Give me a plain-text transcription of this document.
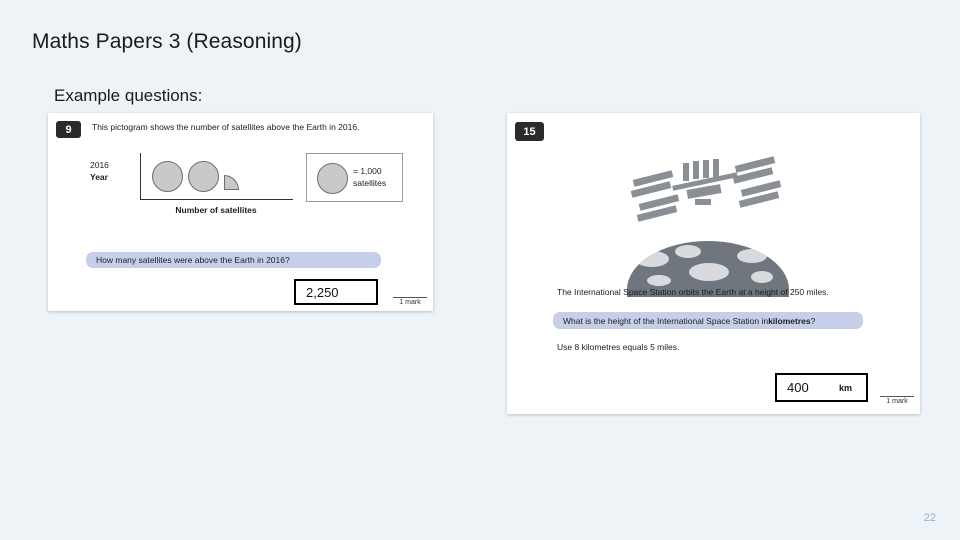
Maths Papers 3 (Reasoning)
Example questions:
9	This pictogram shows the number of satellites above the Earth in 2016.
2016
Year
Number of satellites
= 1,000
satellites
How many satellites were above the Earth in 2016?
2,250
1 mark
15
The International Space Station orbits the Earth at a height of 250 miles.
What is the height of the International Space Station in kilometres ?
Use 8 kilometres equals 5 miles.
400	km
1 mark
22
